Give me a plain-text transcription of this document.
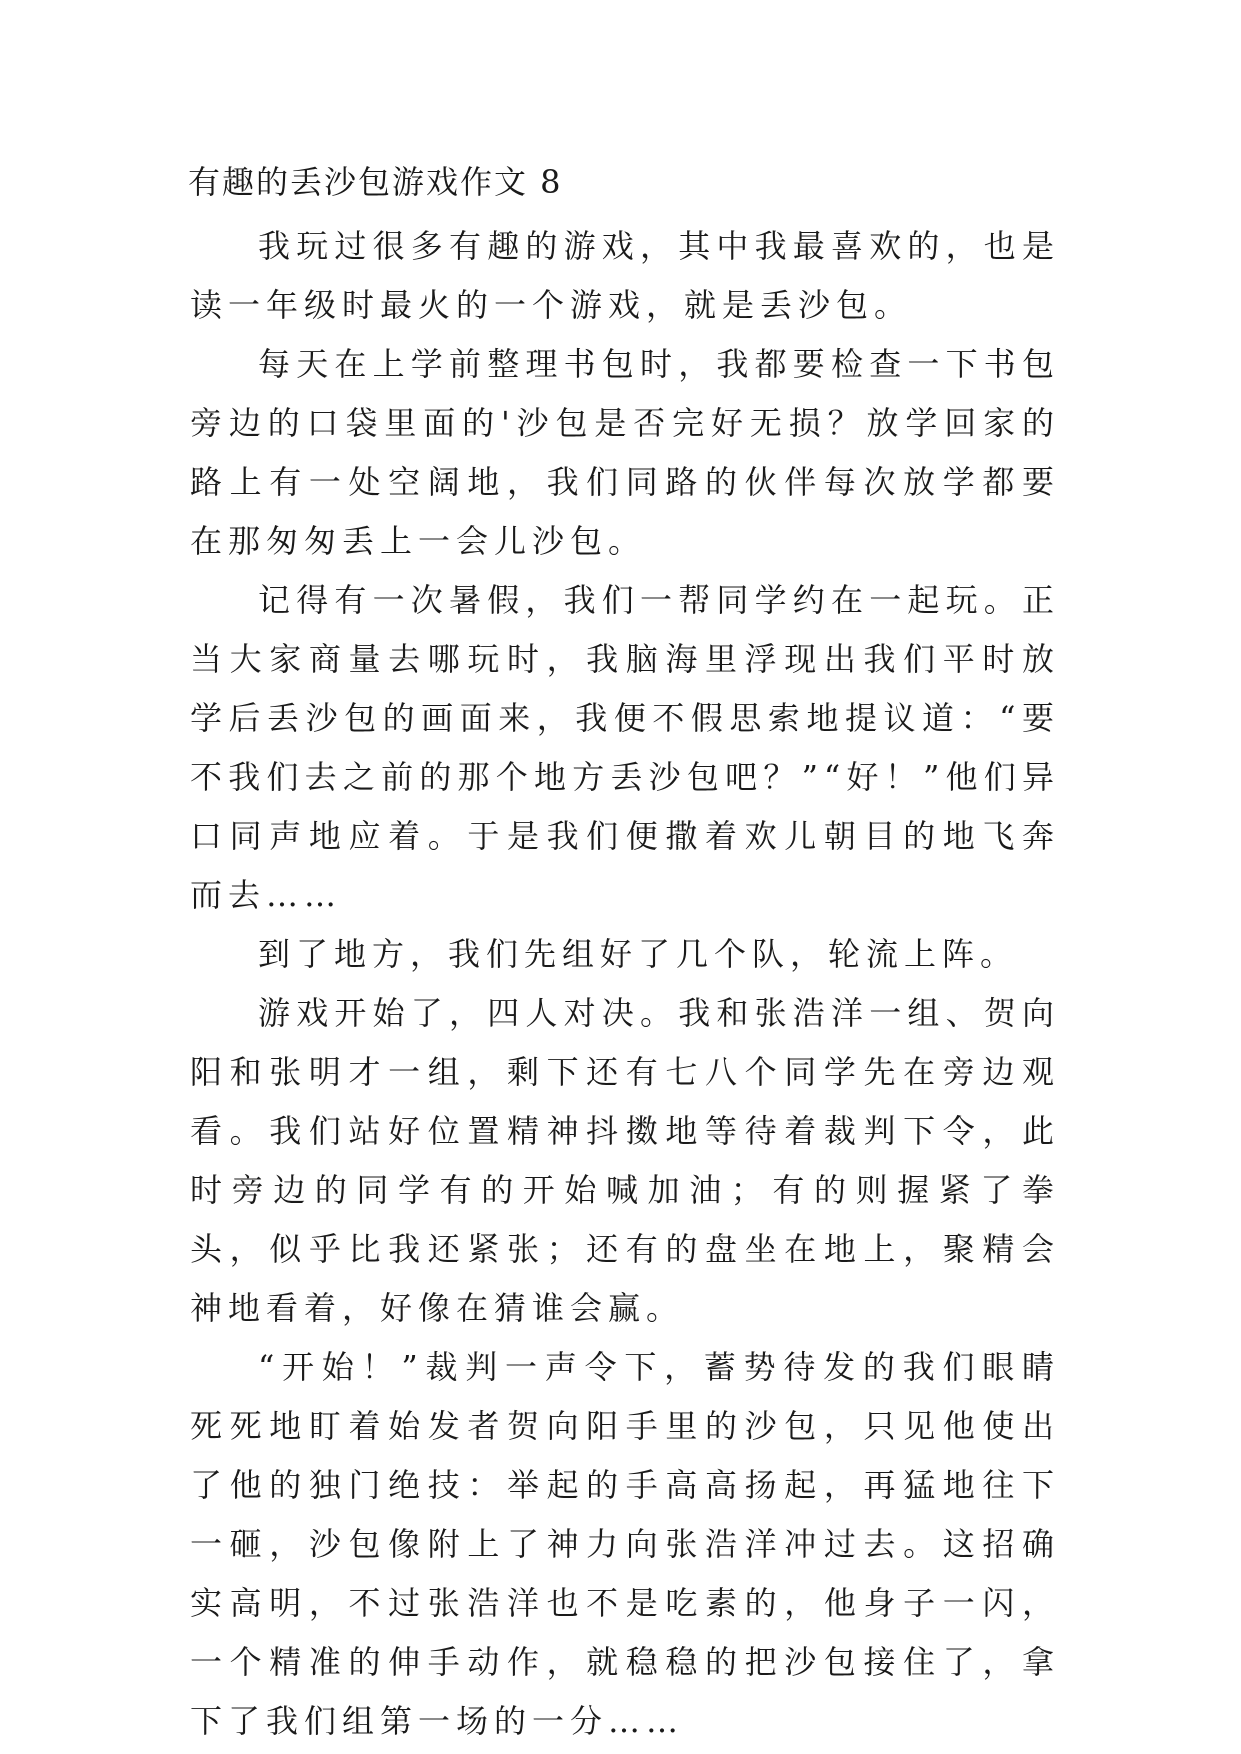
有趣的丢沙包游戏作文 8

我玩过很多有趣的游戏，其中我最喜欢的，也是读一年级时最火的一个游戏，就是丢沙包。

每天在上学前整理书包时，我都要检查一下书包旁边的口袋里面的'沙包是否完好无损？放学回家的路上有一处空阔地，我们同路的伙伴每次放学都要在那匆匆丢上一会儿沙包。

记得有一次暑假，我们一帮同学约在一起玩。正当大家商量去哪玩时，我脑海里浮现出我们平时放学后丢沙包的画面来，我便不假思索地提议道：“要不我们去之前的那个地方丢沙包吧？”“好！”他们异口同声地应着。于是我们便撒着欢儿朝目的地飞奔而去……

到了地方，我们先组好了几个队，轮流上阵。

游戏开始了，四人对决。我和张浩洋一组、贺向阳和张明才一组，剩下还有七八个同学先在旁边观看。我们站好位置精神抖擞地等待着裁判下令，此时旁边的同学有的开始喊加油；有的则握紧了拳头，似乎比我还紧张；还有的盘坐在地上，聚精会神地看着，好像在猜谁会赢。

“开始！”裁判一声令下，蓄势待发的我们眼睛死死地盯着始发者贺向阳手里的沙包，只见他使出了他的独门绝技：举起的手高高扬起，再猛地往下一砸，沙包像附上了神力向张浩洋冲过去。这招确实高明，不过张浩洋也不是吃素的，他身子一闪，一个精准的伸手动作，就稳稳的把沙包接住了，拿下了我们组第一场的一分……
